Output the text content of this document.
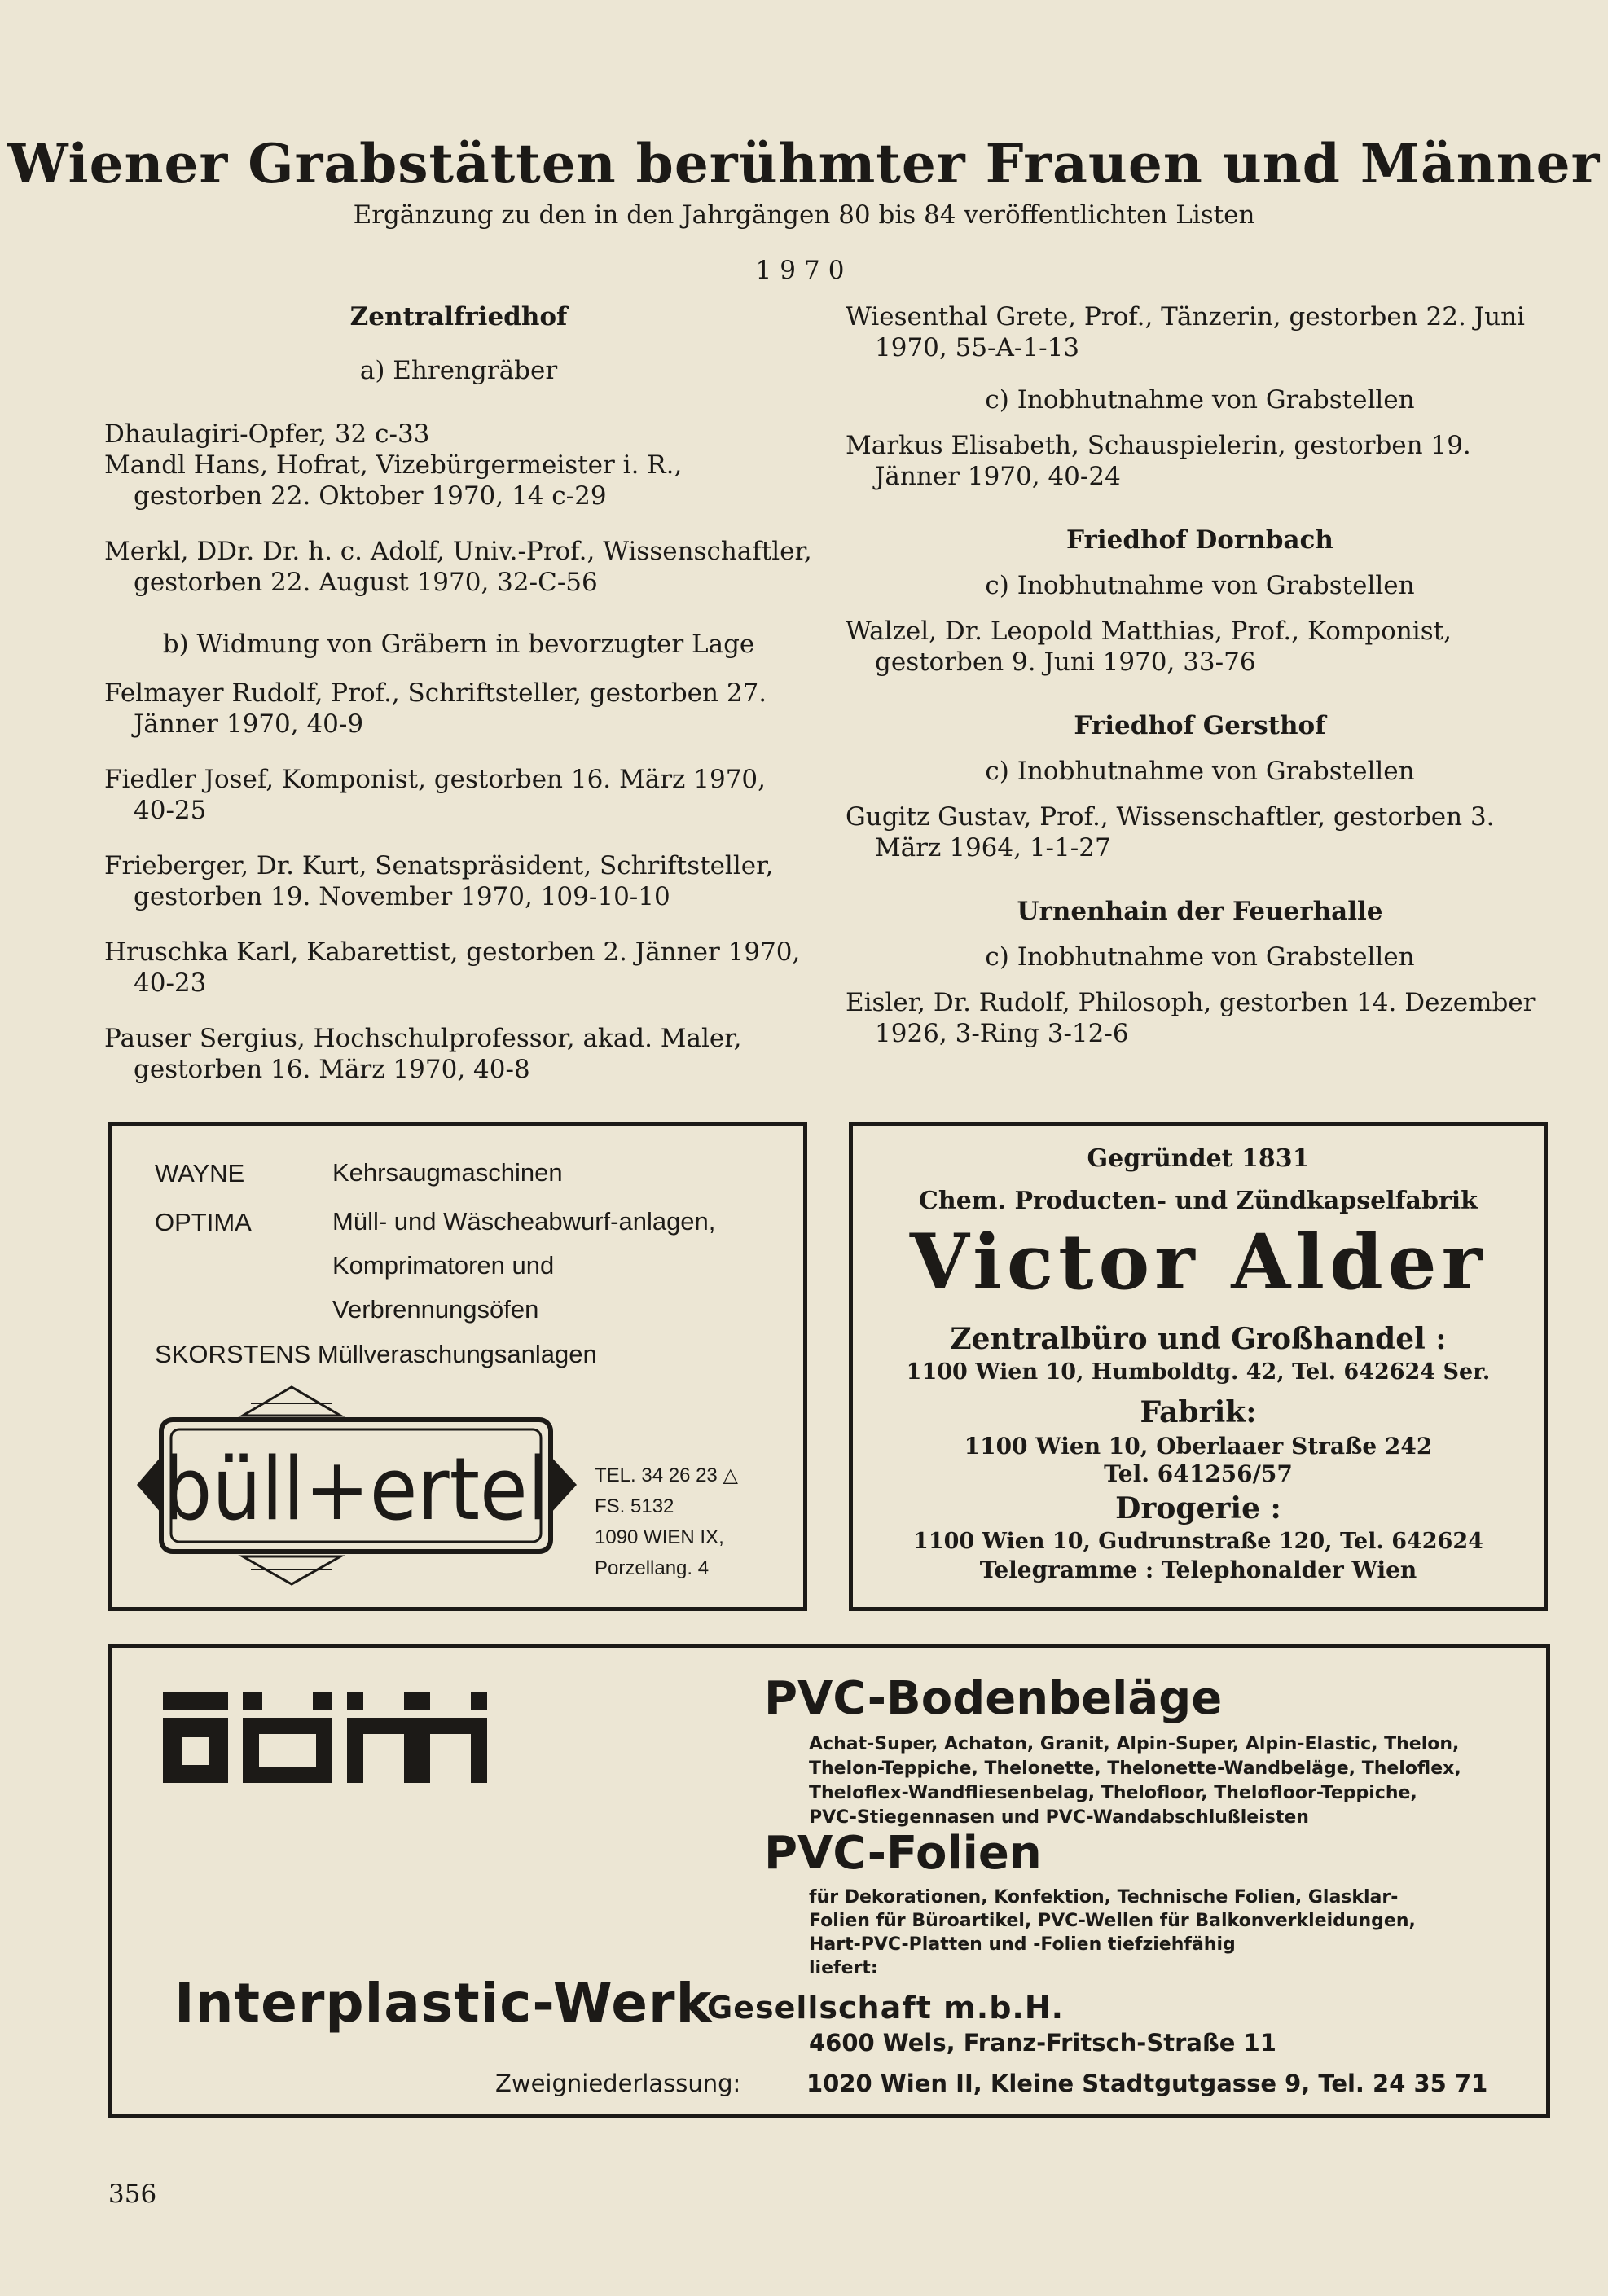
Wiener Grabstätten berühmter Frauen und Männer

Ergänzung zu den in den Jahrgängen 80 bis 84 veröffentlichten Listen

1970

Zentralfriedhof

a) Ehrengräber

Dhaulagiri-Opfer, 32 c-33

Mandl Hans, Hofrat, Vizebürgermeister i. R., gestorben 22. Oktober 1970, 14 c-29

Merkl, DDr. Dr. h. c. Adolf, Univ.-Prof., Wissenschaftler, gestorben 22. August 1970, 32-C-56

b) Widmung von Gräbern in bevorzugter Lage

Felmayer Rudolf, Prof., Schriftsteller, gestorben 27. Jänner 1970, 40-9

Fiedler Josef, Komponist, gestorben 16. März 1970, 40-25

Frieberger, Dr. Kurt, Senatspräsident, Schriftsteller, gestorben 19. November 1970, 109-10-10

Hruschka Karl, Kabarettist, gestorben 2. Jänner 1970, 40-23

Pauser Sergius, Hochschulprofessor, akad. Maler, gestorben 16. März 1970, 40-8

Wiesenthal Grete, Prof., Tänzerin, gestorben 22. Juni 1970, 55-A-1-13

c) Inobhutnahme von Grabstellen

Markus Elisabeth, Schauspielerin, gestorben 19. Jänner 1970, 40-24

Friedhof Dornbach

c) Inobhutnahme von Grabstellen

Walzel, Dr. Leopold Matthias, Prof., Komponist, gestorben 9. Juni 1970, 33-76

Friedhof Gersthof

c) Inobhutnahme von Grabstellen

Gugitz Gustav, Prof., Wissenschaftler, gestorben 3. März 1964, 1-1-27

Urnenhain der Feuerhalle

c) Inobhutnahme von Grabstellen

Eisler, Dr. Rudolf, Philosoph, gestorben 14. Dezember 1926, 3-Ring 3-12-6

WAYNE	Kehrsaugmaschinen
OPTIMA	Müll- und Wäscheabwurf-anlagen, Komprimatoren und Verbrennungsöfen
SKORSTENS Müllveraschungsanlagen
büll+ertel TEL. 34 26 23 △
FS. 5132
1090 WIEN IX,
Porzellang. 4
Gegründet 1831
Chem. Producten- und Zündkapselfabrik
Victor Alder
Zentralbüro und Großhandel :
1100 Wien 10, Humboldtg. 42, Tel. 642624 Ser.
Fabrik:
1100 Wien 10, Oberlaaer Straße 242
Tel. 641256/57
Drogerie :
1100 Wien 10, Gudrunstraße 120, Tel. 642624
Telegramme : Telephonalder Wien
PVC-Bodenbeläge
Achat-Super, Achaton, Granit, Alpin-Super, Alpin-Elastic, Thelon,
Thelon-Teppiche, Thelonette, Thelonette-Wandbeläge, Theloflex,
Theloflex-Wandfliesenbelag, Thelofloor, Thelofloor-Teppiche,
PVC-Stiegennasen und PVC-Wandabschlußleisten
PVC-Folien
für Dekorationen, Konfektion, Technische Folien, Glasklar-
Folien für Büroartikel, PVC-Wellen für Balkonverkleidungen,
Hart-PVC-Platten und -Folien tiefziehfähig
liefert:
Interplastic-Werk
Gesellschaft m.b.H.
4600 Wels, Franz-Fritsch-Straße 11
Zweigniederlassung:	1020 Wien II, Kleine Stadtgutgasse 9, Tel. 24 35 71
356
